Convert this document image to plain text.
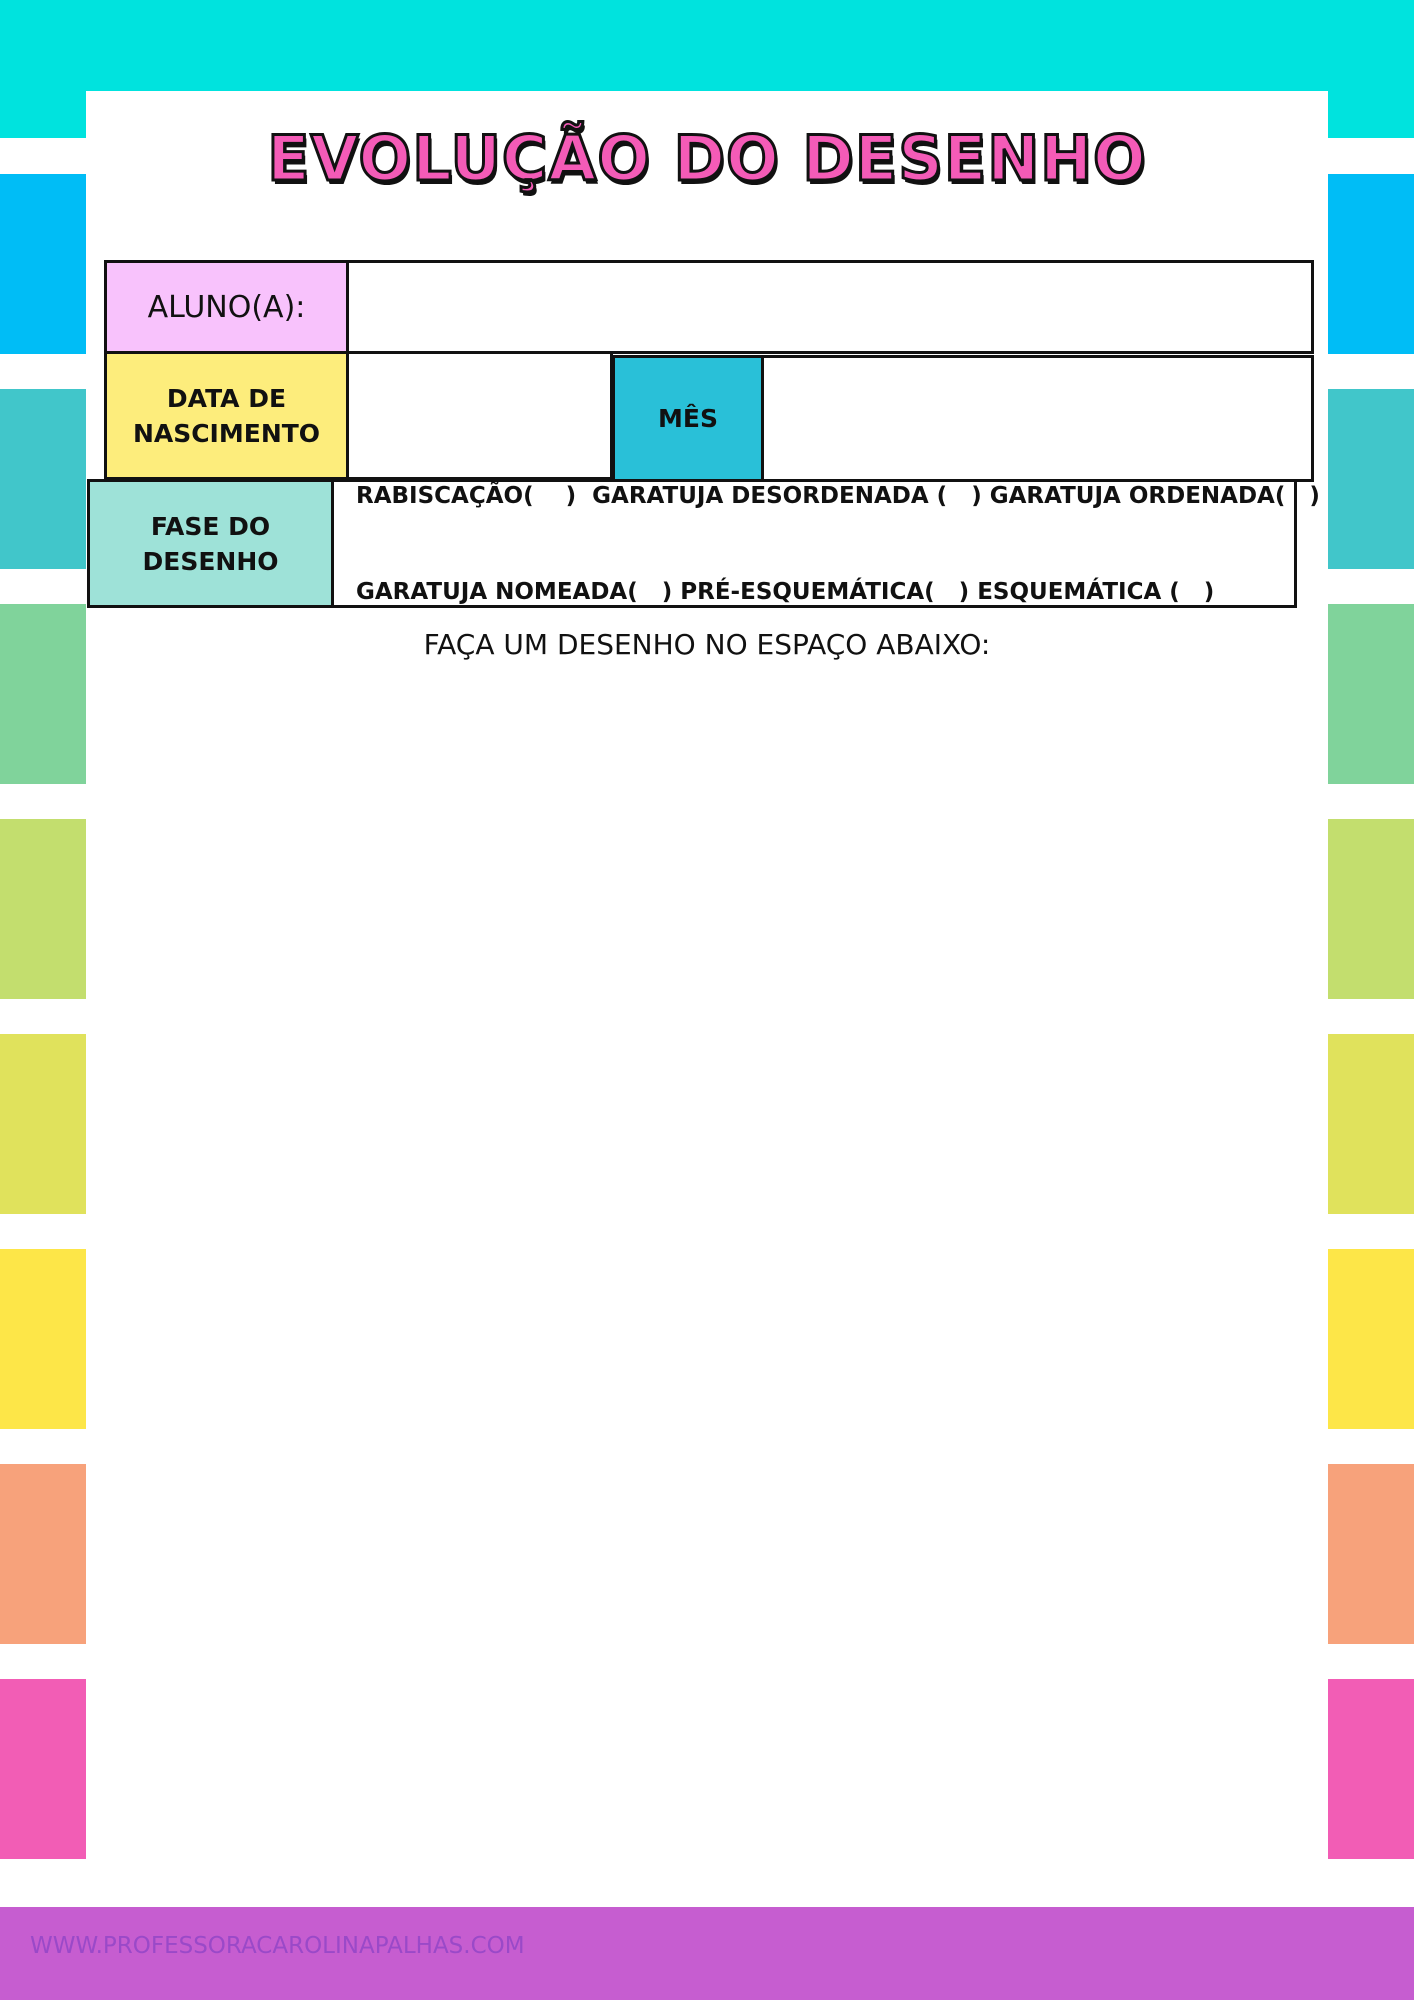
EVOLUÇÃO DO DESENHO
ALUNO(A):
DATA DE
NASCIMENTO	MÊS
FASE DO
DESENHO

RABISCAÇÃO(    )  GARATUJA DESORDENADA (   ) GARATUJA ORDENADA(   )

GARATUJA NOMEADA(   ) PRÉ-ESQUEMÁTICA(   ) ESQUEMÁTICA (   )

FAÇA UM DESENHO NO ESPAÇO ABAIXO:
WWW.PROFESSORACAROLINAPALHAS.COM
